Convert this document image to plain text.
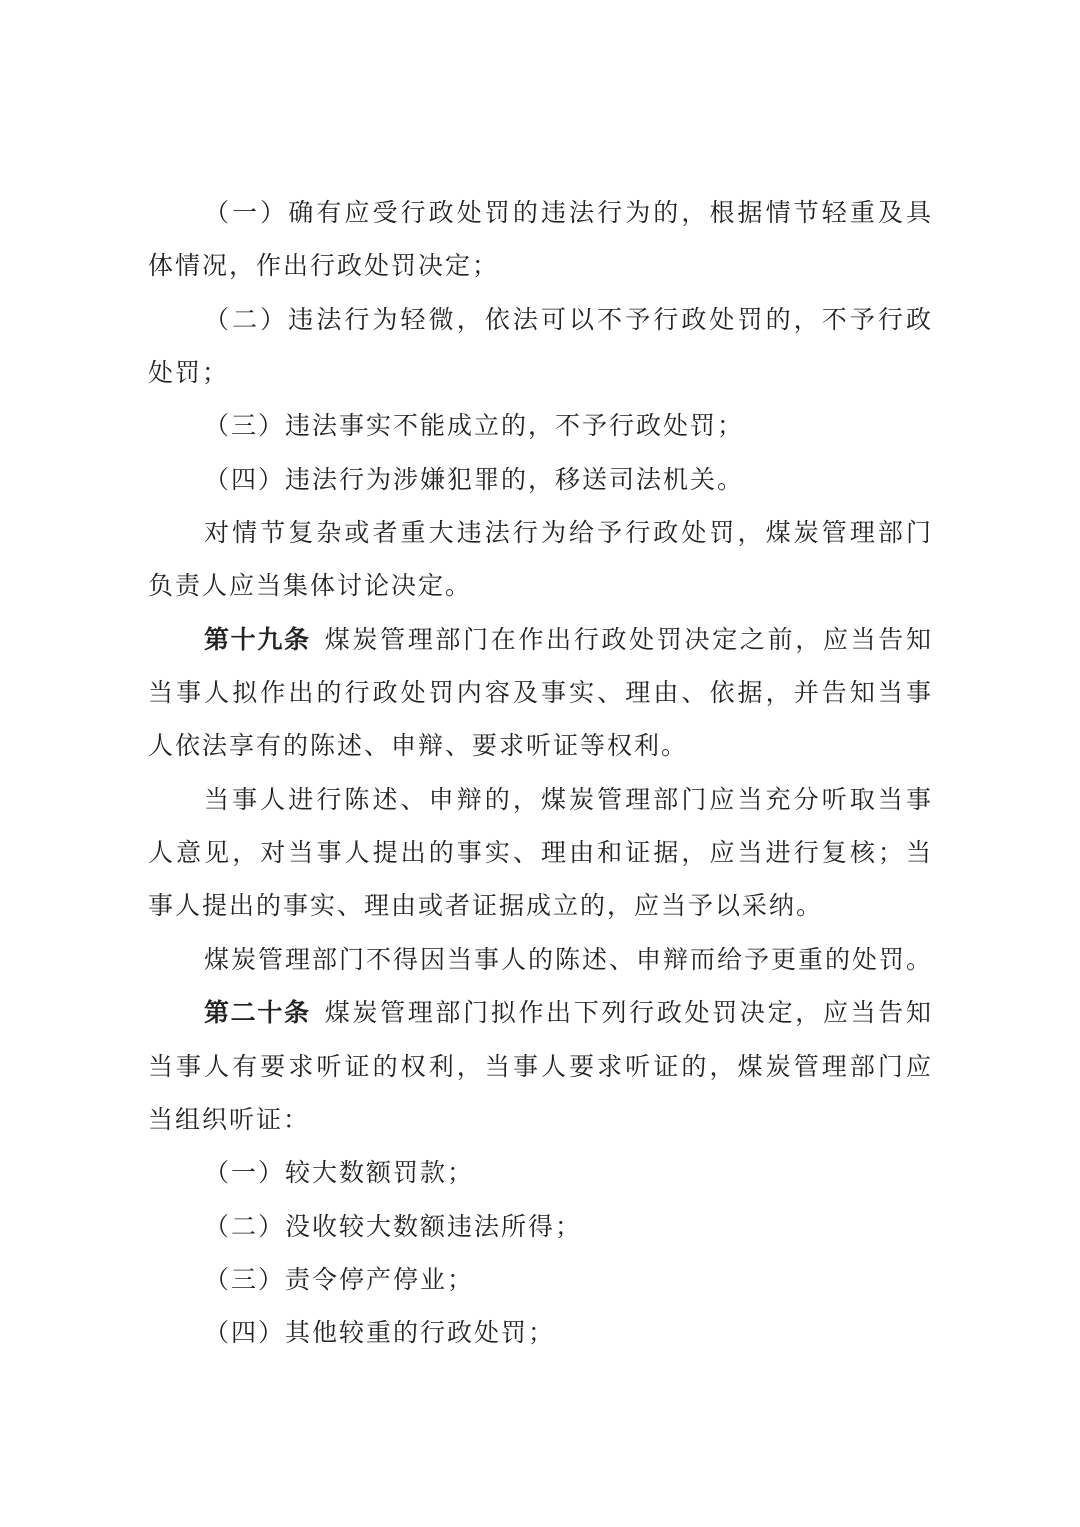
（一）确有应受行政处罚的违法行为的，根据情节轻重及具
体情况，作出行政处罚决定；
（二）违法行为轻微，依法可以不予行政处罚的，不予行政
处罚；
（三）违法事实不能成立的，不予行政处罚；
（四）违法行为涉嫌犯罪的，移送司法机关。
对情节复杂或者重大违法行为给予行政处罚，煤炭管理部门
负责人应当集体讨论决定。
第十九条 煤炭管理部门在作出行政处罚决定之前，应当告知
当事人拟作出的行政处罚内容及事实、理由、依据，并告知当事
人依法享有的陈述、申辩、要求听证等权利。
当事人进行陈述、申辩的，煤炭管理部门应当充分听取当事
人意见，对当事人提出的事实、理由和证据，应当进行复核；当
事人提出的事实、理由或者证据成立的，应当予以采纳。
煤炭管理部门不得因当事人的陈述、申辩而给予更重的处罚。
第二十条 煤炭管理部门拟作出下列行政处罚决定，应当告知
当事人有要求听证的权利，当事人要求听证的，煤炭管理部门应
当组织听证：
（一）较大数额罚款；
（二）没收较大数额违法所得；
（三）责令停产停业；
（四）其他较重的行政处罚；
